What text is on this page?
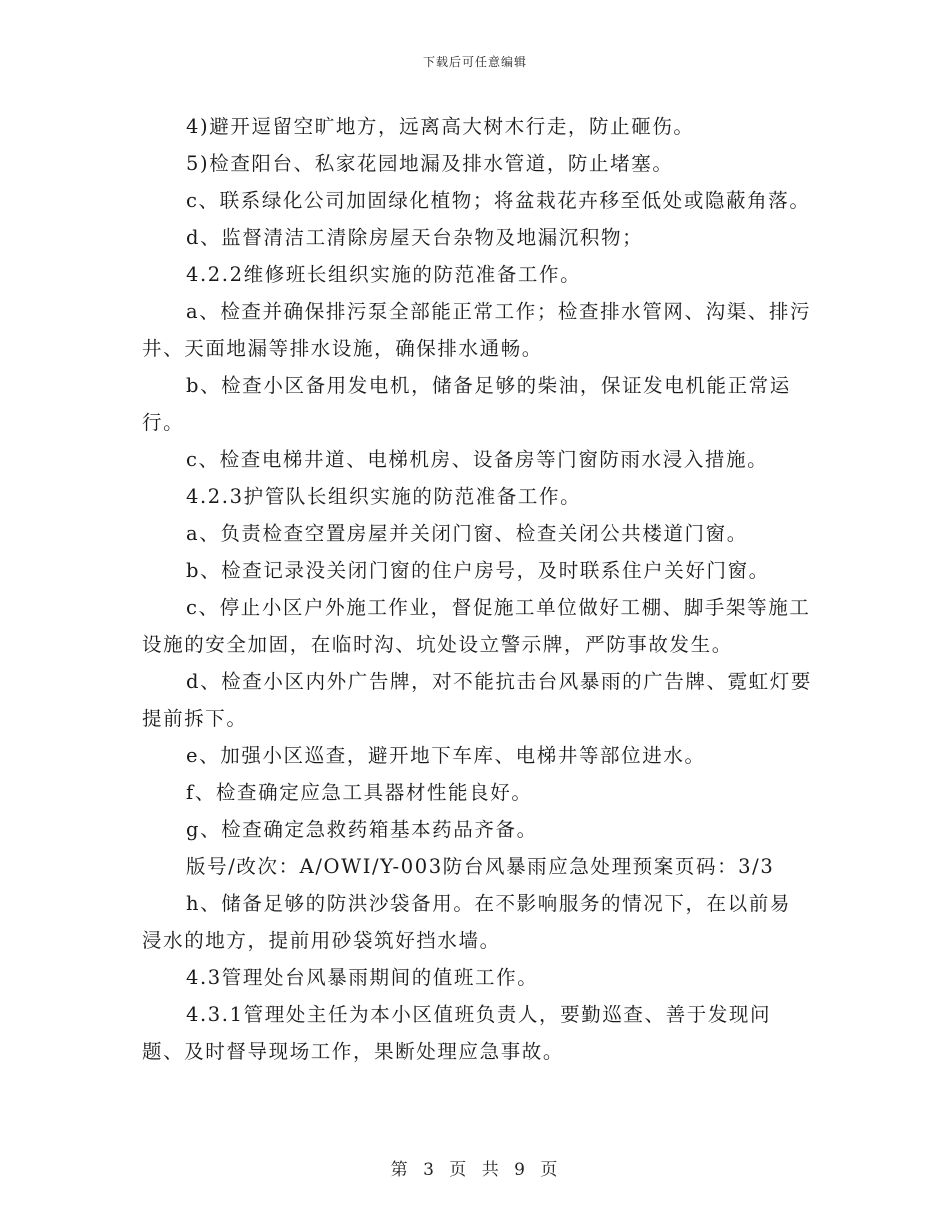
下载后可任意编辑

4)避开逗留空旷地方，远离高大树木行走，防止砸伤。

5)检查阳台、私家花园地漏及排水管道，防止堵塞。

c、联系绿化公司加固绿化植物；将盆栽花卉移至低处或隐蔽角落。

d、监督清洁工清除房屋天台杂物及地漏沉积物；

4.2.2维修班长组织实施的防范准备工作。

a、检查并确保排污泵全部能正常工作；检查排水管网、沟渠、排污井、天面地漏等排水设施，确保排水通畅。

b、检查小区备用发电机，储备足够的柴油，保证发电机能正常运行。

c、检查电梯井道、电梯机房、设备房等门窗防雨水浸入措施。

4.2.3护管队长组织实施的防范准备工作。

a、负责检查空置房屋并关闭门窗、检查关闭公共楼道门窗。

b、检查记录没关闭门窗的住户房号，及时联系住户关好门窗。

c、停止小区户外施工作业，督促施工单位做好工棚、脚手架等施工设施的安全加固，在临时沟、坑处设立警示牌，严防事故发生。

d、检查小区内外广告牌，对不能抗击台风暴雨的广告牌、霓虹灯要提前拆下。

e、加强小区巡查，避开地下车库、电梯井等部位进水。

f、检查确定应急工具器材性能良好。

g、检查确定急救药箱基本药品齐备。

版号/改次：A/OWI/Y-003防台风暴雨应急处理预案页码：3/3

h、储备足够的防洪沙袋备用。在不影响服务的情况下，在以前易浸水的地方，提前用砂袋筑好挡水墙。

4.3管理处台风暴雨期间的值班工作。

4.3.1管理处主任为本小区值班负责人，要勤巡查、善于发现问题、及时督导现场工作，果断处理应急事故。

第 3 页 共 9 页
